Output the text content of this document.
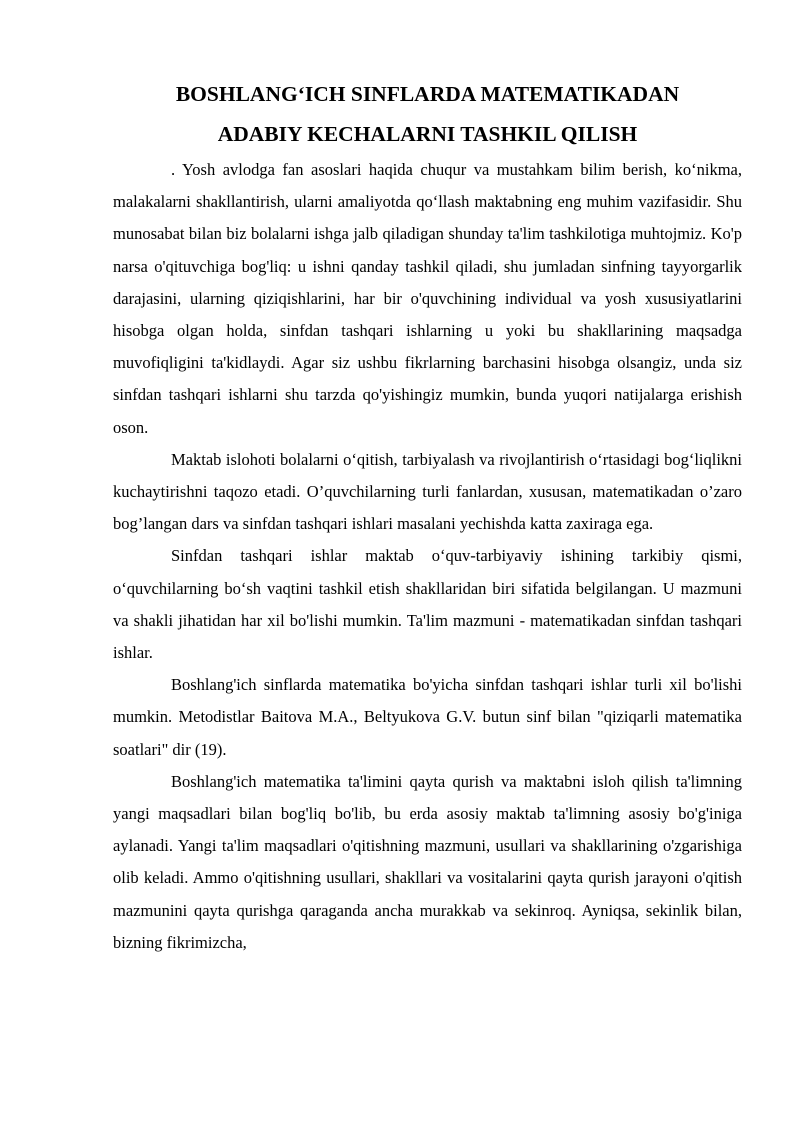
BOSHLANG‘ICH SINFLARDA MATEMATIKADAN
ADABIY KECHALARNI TASHKIL QILISH

. Yosh avlodga fan asoslari haqida chuqur va mustahkam bilim berish, ko‘nikma, malakalarni shakllantirish, ularni amaliyotda qo‘llash maktabning eng muhim vazifasidir. Shu munosabat bilan biz bolalarni ishga jalb qiladigan shunday ta'lim tashkilotiga muhtojmiz. Ko'p narsa o'qituvchiga bog'liq: u ishni qanday tashkil qiladi, shu jumladan sinfning tayyorgarlik darajasini, ularning qiziqishlarini, har bir o'quvchining individual va yosh xususiyatlarini hisobga olgan holda, sinfdan tashqari ishlarning u yoki bu shakllarining maqsadga muvofiqligini ta'kidlaydi. Agar siz ushbu fikrlarning barchasini hisobga olsangiz, unda siz sinfdan tashqari ishlarni shu tarzda qo'yishingiz mumkin, bunda yuqori natijalarga erishish oson.

Maktab islohoti bolalarni o‘qitish, tarbiyalash va rivojlantirish o‘rtasidagi bog‘liqlikni kuchaytirishni taqozo etadi. O’quvchilarning turli fanlardan, xususan, matematikadan o’zaro bog’langan dars va sinfdan tashqari ishlari masalani yechishda katta zaxiraga ega.

Sinfdan tashqari ishlar maktab o‘quv-tarbiyaviy ishining tarkibiy qismi, o‘quvchilarning bo‘sh vaqtini tashkil etish shakllaridan biri sifatida belgilangan. U mazmuni va shakli jihatidan har xil bo'lishi mumkin. Ta'lim mazmuni - matematikadan sinfdan tashqari ishlar.

Boshlang'ich sinflarda matematika bo'yicha sinfdan tashqari ishlar turli xil bo'lishi mumkin. Metodistlar Baitova M.A., Beltyukova G.V. butun sinf bilan "qiziqarli matematika soatlari" dir (19).

Boshlang'ich matematika ta'limini qayta qurish va maktabni isloh qilish ta'limning yangi maqsadlari bilan bog'liq bo'lib, bu erda asosiy maktab ta'limning asosiy bo'g'iniga aylanadi. Yangi ta'lim maqsadlari o'qitishning mazmuni, usullari va shakllarining o'zgarishiga olib keladi. Ammo o'qitishning usullari, shakllari va vositalarini qayta qurish jarayoni o'qitish mazmunini qayta qurishga qaraganda ancha murakkab va sekinroq. Ayniqsa, sekinlik bilan, bizning fikrimizcha,
